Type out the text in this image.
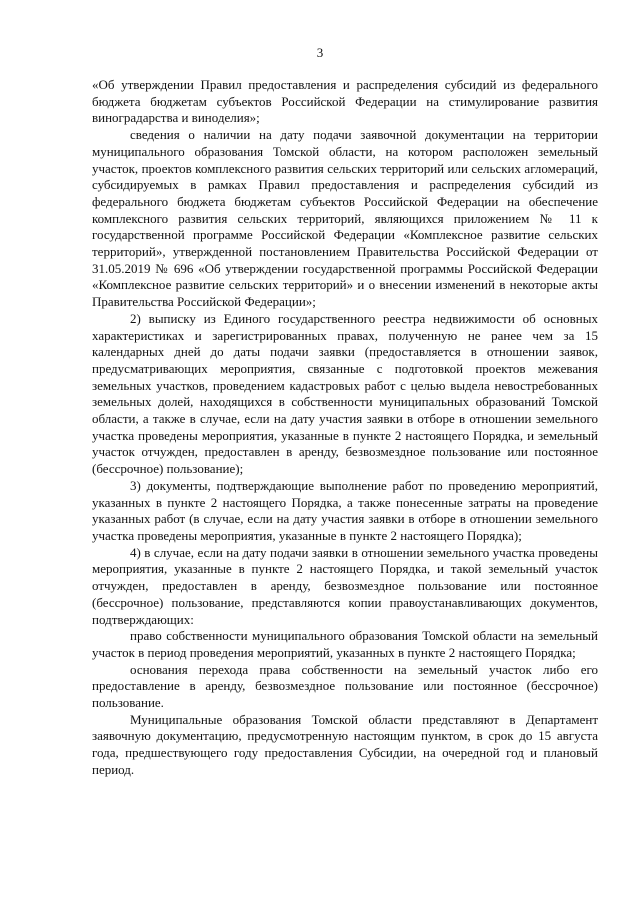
3

«Об утверждении Правил предоставления и распределения субсидий из федерального бюджета бюджетам субъектов Российской Федерации на стимулирование развития виноградарства и виноделия»;

сведения о наличии на дату подачи заявочной документации на территории муниципального образования Томской области, на котором расположен земельный участок, проектов комплексного развития сельских территорий или сельских агломераций, субсидируемых в рамках Правил предоставления и распределения субсидий из федерального бюджета бюджетам субъектов Российской Федерации на обеспечение комплексного развития сельских территорий, являющихся приложением № 11 к государственной программе Российской Федерации «Комплексное развитие сельских территорий», утвержденной постановлением Правительства Российской Федерации от 31.05.2019 № 696 «Об утверждении государственной программы Российской Федерации «Комплексное развитие сельских территорий» и о внесении изменений в некоторые акты Правительства Российской Федерации»;

2) выписку из Единого государственного реестра недвижимости об основных характеристиках и зарегистрированных правах, полученную не ранее чем за 15 календарных дней до даты подачи заявки (предоставляется в отношении заявок, предусматривающих мероприятия, связанные с подготовкой проектов межевания земельных участков, проведением кадастровых работ с целью выдела невостребованных земельных долей, находящихся в собственности муниципальных образований Томской области, а также в случае, если на дату участия заявки в отборе в отношении земельного участка проведены мероприятия, указанные в пункте 2 настоящего Порядка, и земельный участок отчужден, предоставлен в аренду, безвозмездное пользование или постоянное (бессрочное) пользование);

3) документы, подтверждающие выполнение работ по проведению мероприятий, указанных в пункте 2 настоящего Порядка, а также понесенные затраты на проведение указанных работ (в случае, если на дату участия заявки в отборе в отношении земельного участка проведены мероприятия, указанные в пункте 2 настоящего Порядка);

4) в случае, если на дату подачи заявки в отношении земельного участка проведены мероприятия, указанные в пункте 2 настоящего Порядка, и такой земельный участок отчужден, предоставлен в аренду, безвозмездное пользование или постоянное (бессрочное) пользование, представляются копии правоустанавливающих документов, подтверждающих:

право собственности муниципального образования Томской области на земельный участок в период проведения мероприятий, указанных в пункте 2 настоящего Порядка;

основания перехода права собственности на земельный участок либо его предоставление в аренду, безвозмездное пользование или постоянное (бессрочное) пользование.

Муниципальные образования Томской области представляют в Департамент заявочную документацию, предусмотренную настоящим пунктом, в срок до 15 августа года, предшествующего году предоставления Субсидии, на очередной год и плановый период.
